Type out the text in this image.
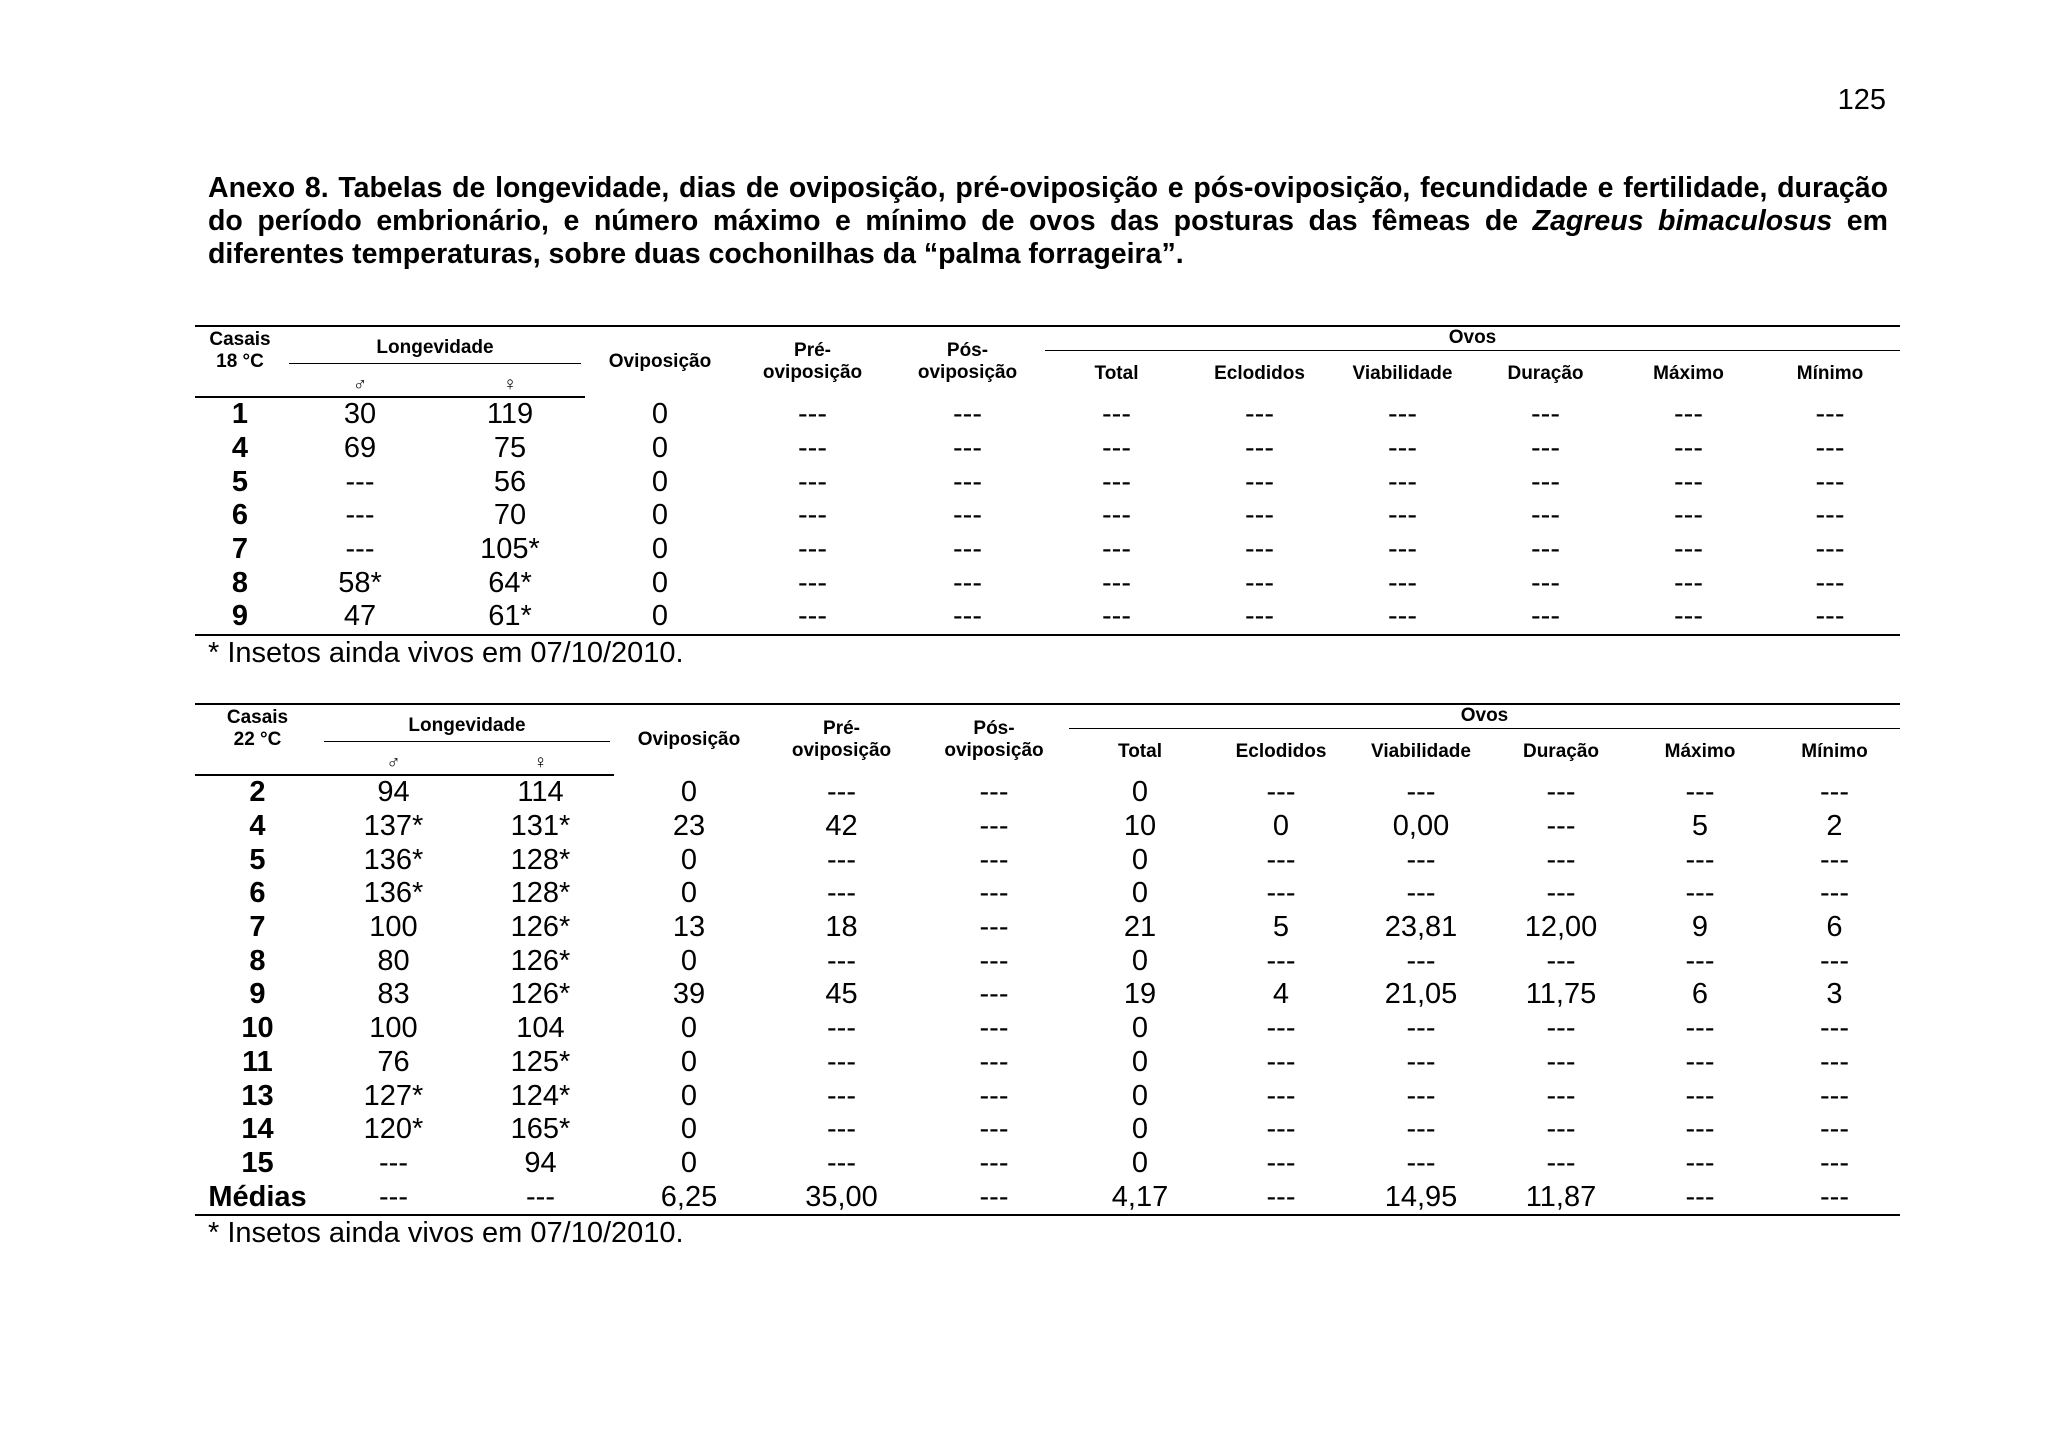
125
Anexo 8. Tabelas de longevidade, dias de oviposição, pré-oviposição e pós-oviposição, fecundidade e fertilidade, duração do período embrionário, e número máximo e mínimo de ovos das posturas das fêmeas de Zagreus bimaculosus em diferentes temperaturas, sobre duas cochonilhas da “palma forrageira”.
Casais
18 °C	Longevidade		Oviposição	Pré-
oviposição	Pós-
oviposição	Ovos					
						Total	Eclodidos	Viabilidade	Duração	Máximo	Mínimo
	♂	♀									
1	30	119	0	---	---	---	---	---	---	---	---
4	69	75	0	---	---	---	---	---	---	---	---
5	---	56	0	---	---	---	---	---	---	---	---
6	---	70	0	---	---	---	---	---	---	---	---
7	---	105*	0	---	---	---	---	---	---	---	---
8	58*	64*	0	---	---	---	---	---	---	---	---
9	47	61*	0	---	---	---	---	---	---	---	---
* Insetos ainda vivos em 07/10/2010.
Casais
22 °C	Longevidade		Oviposição	Pré-
oviposição	Pós-
oviposição	Ovos					
						Total	Eclodidos	Viabilidade	Duração	Máximo	Mínimo
	♂	♀									
2	94	114	0	---	---	0	---	---	---	---	---
4	137*	131*	23	42	---	10	0	0,00	---	5	2
5	136*	128*	0	---	---	0	---	---	---	---	---
6	136*	128*	0	---	---	0	---	---	---	---	---
7	100	126*	13	18	---	21	5	23,81	12,00	9	6
8	80	126*	0	---	---	0	---	---	---	---	---
9	83	126*	39	45	---	19	4	21,05	11,75	6	3
10	100	104	0	---	---	0	---	---	---	---	---
11	76	125*	0	---	---	0	---	---	---	---	---
13	127*	124*	0	---	---	0	---	---	---	---	---
14	120*	165*	0	---	---	0	---	---	---	---	---
15	---	94	0	---	---	0	---	---	---	---	---
Médias	---	---	6,25	35,00	---	4,17	---	14,95	11,87	---	---
* Insetos ainda vivos em 07/10/2010.
